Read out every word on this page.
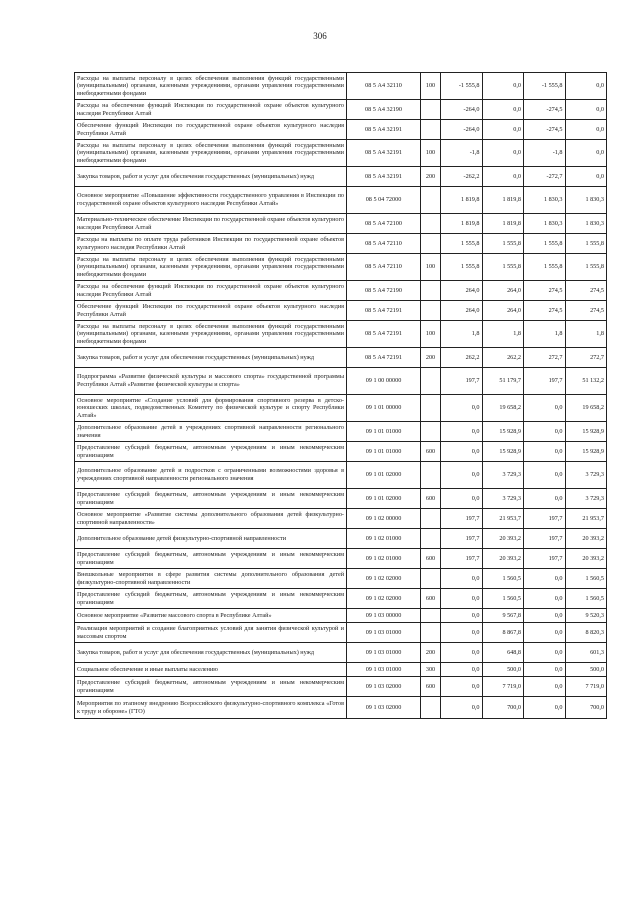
306
Расходы на выплаты персоналу в целях обеспечения выполнения функций государственными (муниципальными) органами, казенными учреждениями, органами управления государственными внебюджетными фондами	08 5 А4 32110	100	-1 555,8	0,0	-1 555,8	0,0
Расходы на обеспечение функций Инспекции по государственной охране объектов культурного наследия Республики Алтай	08 5 А4 32190		-264,0	0,0	-274,5	0,0
Обеспечение функций Инспекции по государственной охране объектов культурного наследия Республики Алтай	08 5 А4 32191		-264,0	0,0	-274,5	0,0
Расходы на выплаты персоналу в целях обеспечения выполнения функций государственными (муниципальными) органами, казенными учреждениями, органами управления государственными внебюджетными фондами	08 5 А4 32191	100	-1,8	0,0	-1,8	0,0
Закупка товаров, работ и услуг для обеспечения государственных (муниципальных) нужд	08 5 А4 32191	200	-262,2	0,0	-272,7	0,0
Основное мероприятие «Повышение эффективности государственного управления в Инспекции по государственной охране объектов культурного наследия Республики Алтай»	08 5 04 72000		1 819,8	1 819,8	1 830,3	1 830,3
Материально-техническое обеспечение Инспекции по государственной охране объектов культурного наследия Республики Алтай	08 5 А4 72100		1 819,8	1 819,8	1 830,3	1 830,3
Расходы на выплаты по оплате труда работников Инспекции по государственной охране объектов культурного наследия Республики Алтай	08 5 А4 72110		1 555,8	1 555,8	1 555,8	1 555,8
Расходы на выплаты персоналу в целях обеспечения выполнения функций государственными (муниципальными) органами, казенными учреждениями, органами управления государственными внебюджетными фондами	08 5 А4 72110	100	1 555,8	1 555,8	1 555,8	1 555,8
Расходы на обеспечение функций Инспекции по государственной охране объектов культурного наследия Республики Алтай	08 5 А4 72190		264,0	264,0	274,5	274,5
Обеспечение функций Инспекции по государственной охране объектов культурного наследия Республики Алтай	08 5 А4 72191		264,0	264,0	274,5	274,5
Расходы на выплаты персоналу в целях обеспечения выполнения функций государственными (муниципальными) органами, казенными учреждениями, органами управления государственными внебюджетными фондами	08 5 А4 72191	100	1,8	1,8	1,8	1,8
Закупка товаров, работ и услуг для обеспечения государственных (муниципальных) нужд	08 5 А4 72191	200	262,2	262,2	272,7	272,7
Подпрограмма «Развитие физической культуры и массового спорта» государственной программы Республики Алтай «Развитие физической культуры и спорта»	09 1 00 00000		197,7	51 179,7	197,7	51 132,2
Основное мероприятие «Создание условий для формирования спортивного резерва в детско-юношеских школах, подведомственных Комитету по физической культуре и спорту Республики Алтай»	09 1 01 00000		0,0	19 658,2	0,0	19 658,2
Дополнительное образование детей в учреждениях спортивной направленности регионального значения	09 1 01 01000		0,0	15 928,9	0,0	15 928,9
Предоставление субсидий бюджетным, автономным учреждениям и иным некоммерческим организациям	09 1 01 01000	600	0,0	15 928,9	0,0	15 928,9
Дополнительное образование детей и подростков с ограниченными возможностями здоровья в учреждениях спортивной направленности регионального значения	09 1 01 02000		0,0	3 729,3	0,0	3 729,3
Предоставление субсидий бюджетным, автономным учреждениям и иным некоммерческим организациям	09 1 01 02000	600	0,0	3 729,3	0,0	3 729,3
Основное мероприятие «Развитие системы дополнительного образования детей физкультурно-спортивной направленности»	09 1 02 00000		197,7	21 953,7	197,7	21 953,7
Дополнительное образование детей физкультурно-спортивной направленности	09 1 02 01000		197,7	20 393,2	197,7	20 393,2
Предоставление субсидий бюджетным, автономным учреждениям и иным некоммерческим организациям	09 1 02 01000	600	197,7	20 393,2	197,7	20 393,2
Внешкольные мероприятия в сфере развития системы дополнительного образования детей физкультурно-спортивной направленности	09 1 02 02000		0,0	1 560,5	0,0	1 560,5
Предоставление субсидий бюджетным, автономным учреждениям и иным некоммерческим организациям	09 1 02 02000	600	0,0	1 560,5	0,0	1 560,5
Основное мероприятие «Развитие массового спорта в Республике Алтай»	09 1 03 00000		0,0	9 567,8	0,0	9 520,3
Реализация мероприятий и создание благоприятных условий для занятия физической культурой и массовым спортом	09 1 03 01000		0,0	8 867,8	0,0	8 820,3
Закупка товаров, работ и услуг для обеспечения государственных (муниципальных) нужд	09 1 03 01000	200	0,0	648,8	0,0	601,3
Социальное обеспечение и иные выплаты населению	09 1 03 01000	300	0,0	500,0	0,0	500,0
Предоставление субсидий бюджетным, автономным учреждениям и иным некоммерческим организациям	09 1 03 02000	600	0,0	7 719,0	0,0	7 719,0
Мероприятия по этапному внедрению Всероссийского физкультурно-спортивного комплекса «Готов к труду и обороне» (ГТО)	09 1 03 02000		0,0	700,0	0,0	700,0
